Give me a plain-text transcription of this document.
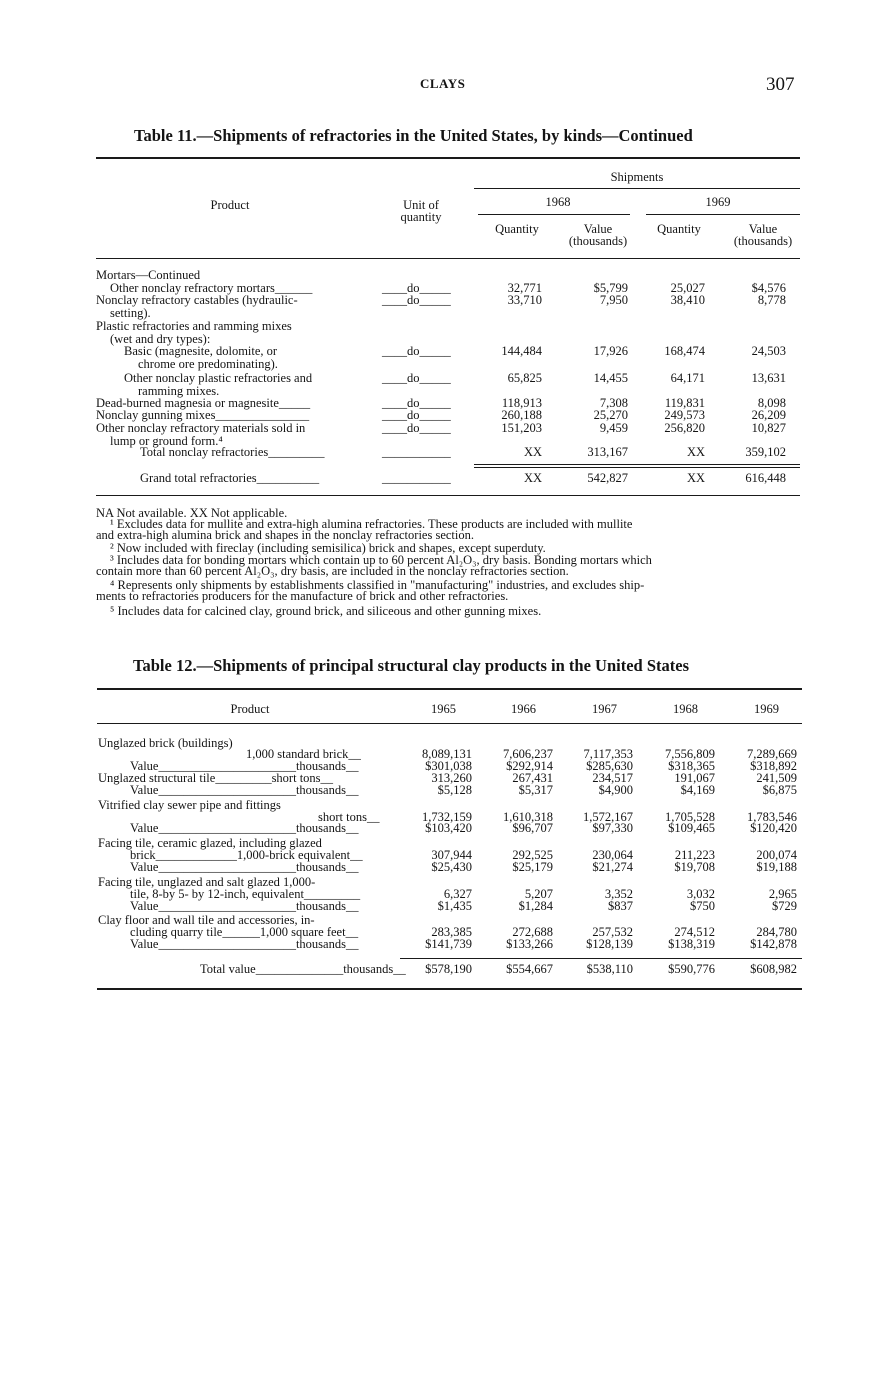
CLAYS	307
Table 11.—Shipments of refractories in the United States, by kinds—Continued
Shipments
Product	Unit of quantity
1968	1969
Quantity	Value (thousands)
Quantity	Value (thousands)
Mortars—Continued
Other nonclay refractory mortars______	____do_____	32,771	$5,799	25,027	$4,576
Nonclay refractory castables (hydraulic-	____do_____	33,710	7,950	38,410	8,778
setting).
Plastic refractories and ramming mixes
(wet and dry types):
Basic (magnesite, dolomite, or	____do_____	144,484	17,926	168,474	24,503
chrome ore predominating).
Other nonclay plastic refractories and	____do_____	65,825	14,455	64,171	13,631
ramming mixes.
Dead-burned magnesia or magnesite_____	____do_____	118,913	7,308	119,831	8,098
Nonclay gunning mixes_______________	____do_____	260,188	25,270	249,573	26,209
Other nonclay refractory materials sold in	____do_____	151,203	9,459	256,820	10,827
lump or ground form.⁴
Total nonclay refractories_________	___________	XX	313,167	XX	359,102
Grand total refractories__________	___________	XX	542,827	XX	616,448
NA Not available. XX Not applicable.
¹ Excludes data for mullite and extra-high alumina refractories. These products are included with mullite
and extra-high alumina brick and shapes in the nonclay refractories section.
² Now included with fireclay (including semisilica) brick and shapes, except superduty.
³ Includes data for bonding mortars which contain up to 60 percent Al₂O₃, dry basis. Bonding mortars which
contain more than 60 percent Al₂O₃, dry basis, are included in the nonclay refractories section.
⁴ Represents only shipments by establishments classified in "manufacturing" industries, and excludes ship-
ments to refractories producers for the manufacture of brick and other refractories.
⁵ Includes data for calcined clay, ground brick, and siliceous and other gunning mixes.
Table 12.—Shipments of principal structural clay products in the United States
Product	1965	1966	1967	1968	1969
Unglazed brick (buildings)
1,000 standard brick__	8,089,131 7,606,237 7,117,353	7,556,809	7,289,669
Value______________________thousands__	$301,038	$292,914	$285,630	$318,365	$318,892
Unglazed structural tile_________short tons__	313,260	267,431	234,517	191,067	241,509
Value______________________thousands__	$5,128	$5,317	$4,900	$4,169	$6,875
Vitrified clay sewer pipe and fittings
short tons__	1,732,159 1,610,318 1,572,167	1,705,528	1,783,546
Value______________________thousands__	$103,420	$96,707	$97,330	$109,465	$120,420
Facing tile, ceramic glazed, including glazed
brick_____________1,000-brick equivalent__	307,944	292,525	230,064	211,223	200,074
Value______________________thousands__	$25,430	$25,179	$21,274	$19,708	$19,188
Facing tile, unglazed and salt glazed 1,000-
tile, 8-by 5- by 12-inch, equivalent_________	6,327	5,207	3,352	3,032	2,965
Value______________________thousands__	$1,435	$1,284	$837	$750	$729
Clay floor and wall tile and accessories, in-
cluding quarry tile______1,000 square feet__	283,385	272,688	257,532	274,512	284,780
Value______________________thousands__	$141,739	$133,266	$128,139	$138,319	$142,878
Total value______________thousands__ $578,190	$554,667	$538,110	$590,776	$608,982
